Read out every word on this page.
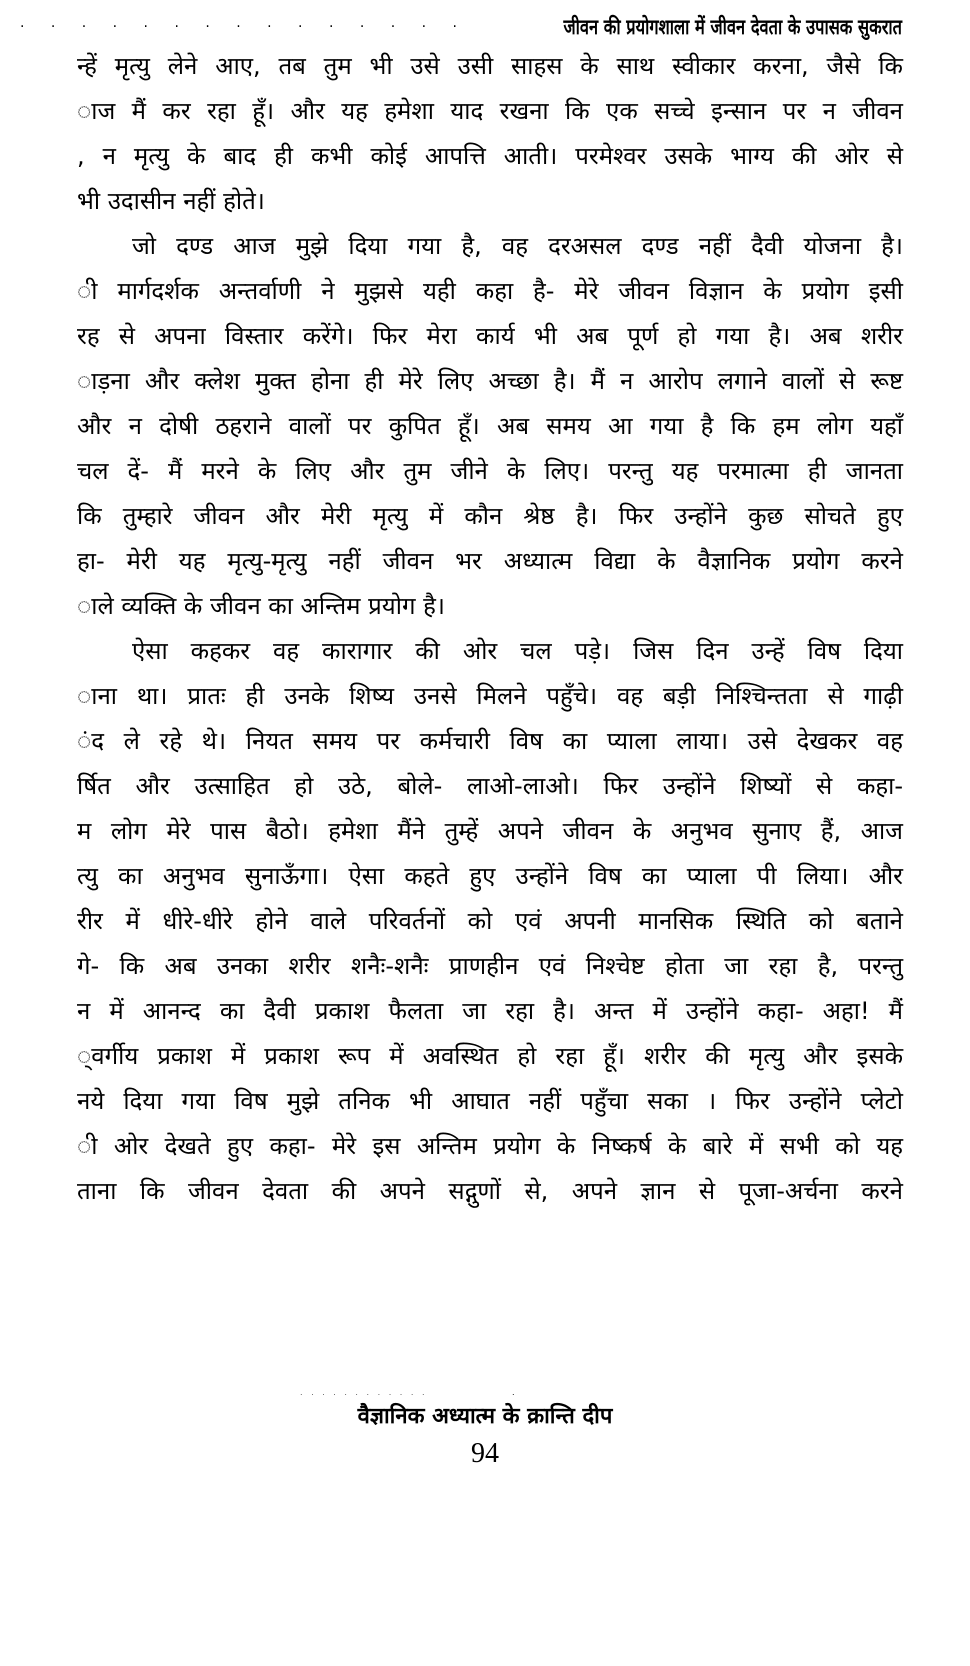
· · · · · · · · · · · · · · ·	जीवन की प्रयोगशाला में जीवन देवता के उपासक सुकरात
न्हें मृत्यु लेने आए, तब तुम भी उसे उसी साहस के साथ स्वीकार करना, जैसे कि
ाज मैं कर रहा हूँ। और यह हमेशा याद रखना कि एक सच्चे इन्सान पर न जीवन
, न मृत्यु के बाद ही कभी कोई आपत्ति आती। परमेश्वर उसके भाग्य की ओर से
भी उदासीन नहीं होते।
जो दण्ड आज मुझे दिया गया है, वह दरअसल दण्ड नहीं दैवी योजना है।
ी मार्गदर्शक अन्तर्वाणी ने मुझसे यही कहा है- मेरे जीवन विज्ञान के प्रयोग इसी
रह से अपना विस्तार करेंगे। फिर मेरा कार्य भी अब पूर्ण हो गया है। अब शरीर
ाड़ना और क्लेश मुक्त होना ही मेरे लिए अच्छा है। मैं न आरोप लगाने वालों से रूष्ट
और न दोषी ठहराने वालों पर कुपित हूँ। अब समय आ गया है कि हम लोग यहाँ
चल दें- मैं मरने के लिए और तुम जीने के लिए। परन्तु यह परमात्मा ही जानता
कि तुम्हारे जीवन और मेरी मृत्यु में कौन श्रेष्ठ है। फिर उन्होंने कुछ सोचते हुए
हा- मेरी यह मृत्यु-मृत्यु नहीं जीवन भर अध्यात्म विद्या के वैज्ञानिक प्रयोग करने
ाले व्यक्ति के जीवन का अन्तिम प्रयोग है।
ऐसा कहकर वह कारागार की ओर चल पड़े। जिस दिन उन्हें विष दिया
ाना था। प्रातः ही उनके शिष्य उनसे मिलने पहुँचे। वह बड़ी निश्चिन्तता से गाढ़ी
ंद ले रहे थे। नियत समय पर कर्मचारी विष का प्याला लाया। उसे देखकर वह
र्षित और उत्साहित हो उठे, बोले- लाओ-लाओ। फिर उन्होंने शिष्यों से कहा-
म लोग मेरे पास बैठो। हमेशा मैंने तुम्हें अपने जीवन के अनुभव सुनाए हैं, आज
त्यु का अनुभव सुनाऊँगा। ऐसा कहते हुए उन्होंने विष का प्याला पी लिया। और
रीर में धीरे-धीरे होने वाले परिवर्तनों को एवं अपनी मानसिक स्थिति को बताने
गे- कि अब उनका शरीर शनैः-शनैः प्राणहीन एवं निश्चेष्ट होता जा रहा है, परन्तु
न में आनन्द का दैवी प्रकाश फैलता जा रहा है। अन्त में उन्होंने कहा- अहा! मैं
्वर्गीय प्रकाश में प्रकाश रूप में अवस्थित हो रहा हूँ। शरीर की मृत्यु और इसके
नये दिया गया विष मुझे तनिक भी आघात नहीं पहुँचा सका । फिर उन्होंने प्लेटो
ी ओर देखते हुए कहा- मेरे इस अन्तिम प्रयोग के निष्कर्ष के बारे में सभी को यह
ताना कि जीवन देवता की अपने सद्गुणों से, अपने ज्ञान से पूजा-अर्चना करने
. . . . . . . . . . . .	.
वैज्ञानिक अध्यात्म के क्रान्ति दीप
94
